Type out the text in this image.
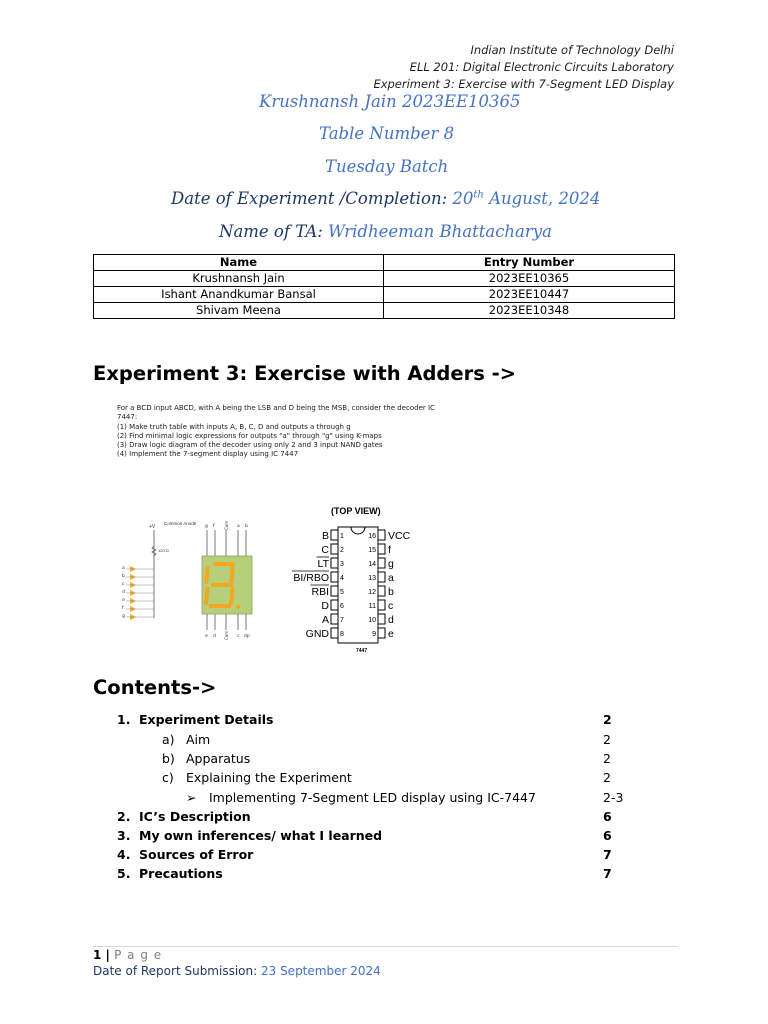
Indian Institute of Technology Delhi
ELL 201: Digital Electronic Circuits Laboratory
Experiment 3: Exercise with 7-Segment LED Display
Krushnansh Jain 2023EE10365
Table Number 8
Tuesday Batch
Date of Experiment /Completion: 20th August, 2024
Name of TA: Wridheeman Bhattacharya
Name	Entry Number
Krushnansh Jain	2023EE10365
Ishant Anandkumar Bansal	2023EE10447
Shivam Meena	2023EE10348
Experiment 3: Exercise with Adders ->
For a BCD input ABCD, with A being the LSB and D being the MSB, consider the decoder IC
7447:
(1) Make truth table with inputs A, B, C, D and outputs a through g
(2) Find minimal logic expressions for outputs "a" through "g" using K-maps
(3) Draw logic diagram of the decoder using only 2 and 3 input NAND gates
(4) Implement the 7-segment display using IC 7447
+V
Common Anode
120 Ω
a
b
c
d
e
f
g
g f Com a b
e d Com c dp
(TOP VIEW)
1
B
2
C
3
LT
4
BI/RBO
5
RBI
6
D
7
A
8
GND
16 VCC
15 f
14 g
13 a
12 b
11 c
10 d
9 e
7447
Contents->
1. Experiment Details	2
a) Aim	2
b) Apparatus	2
c) Explaining the Experiment	2
➢ Implementing 7-Segment LED display using IC-7447	2-3
2. IC’s Description	6
3. My own inferences/ what I learned	6
4. Sources of Error	7
5. Precautions	7
1 | P a g e
Date of Report Submission: 23 September 2024
